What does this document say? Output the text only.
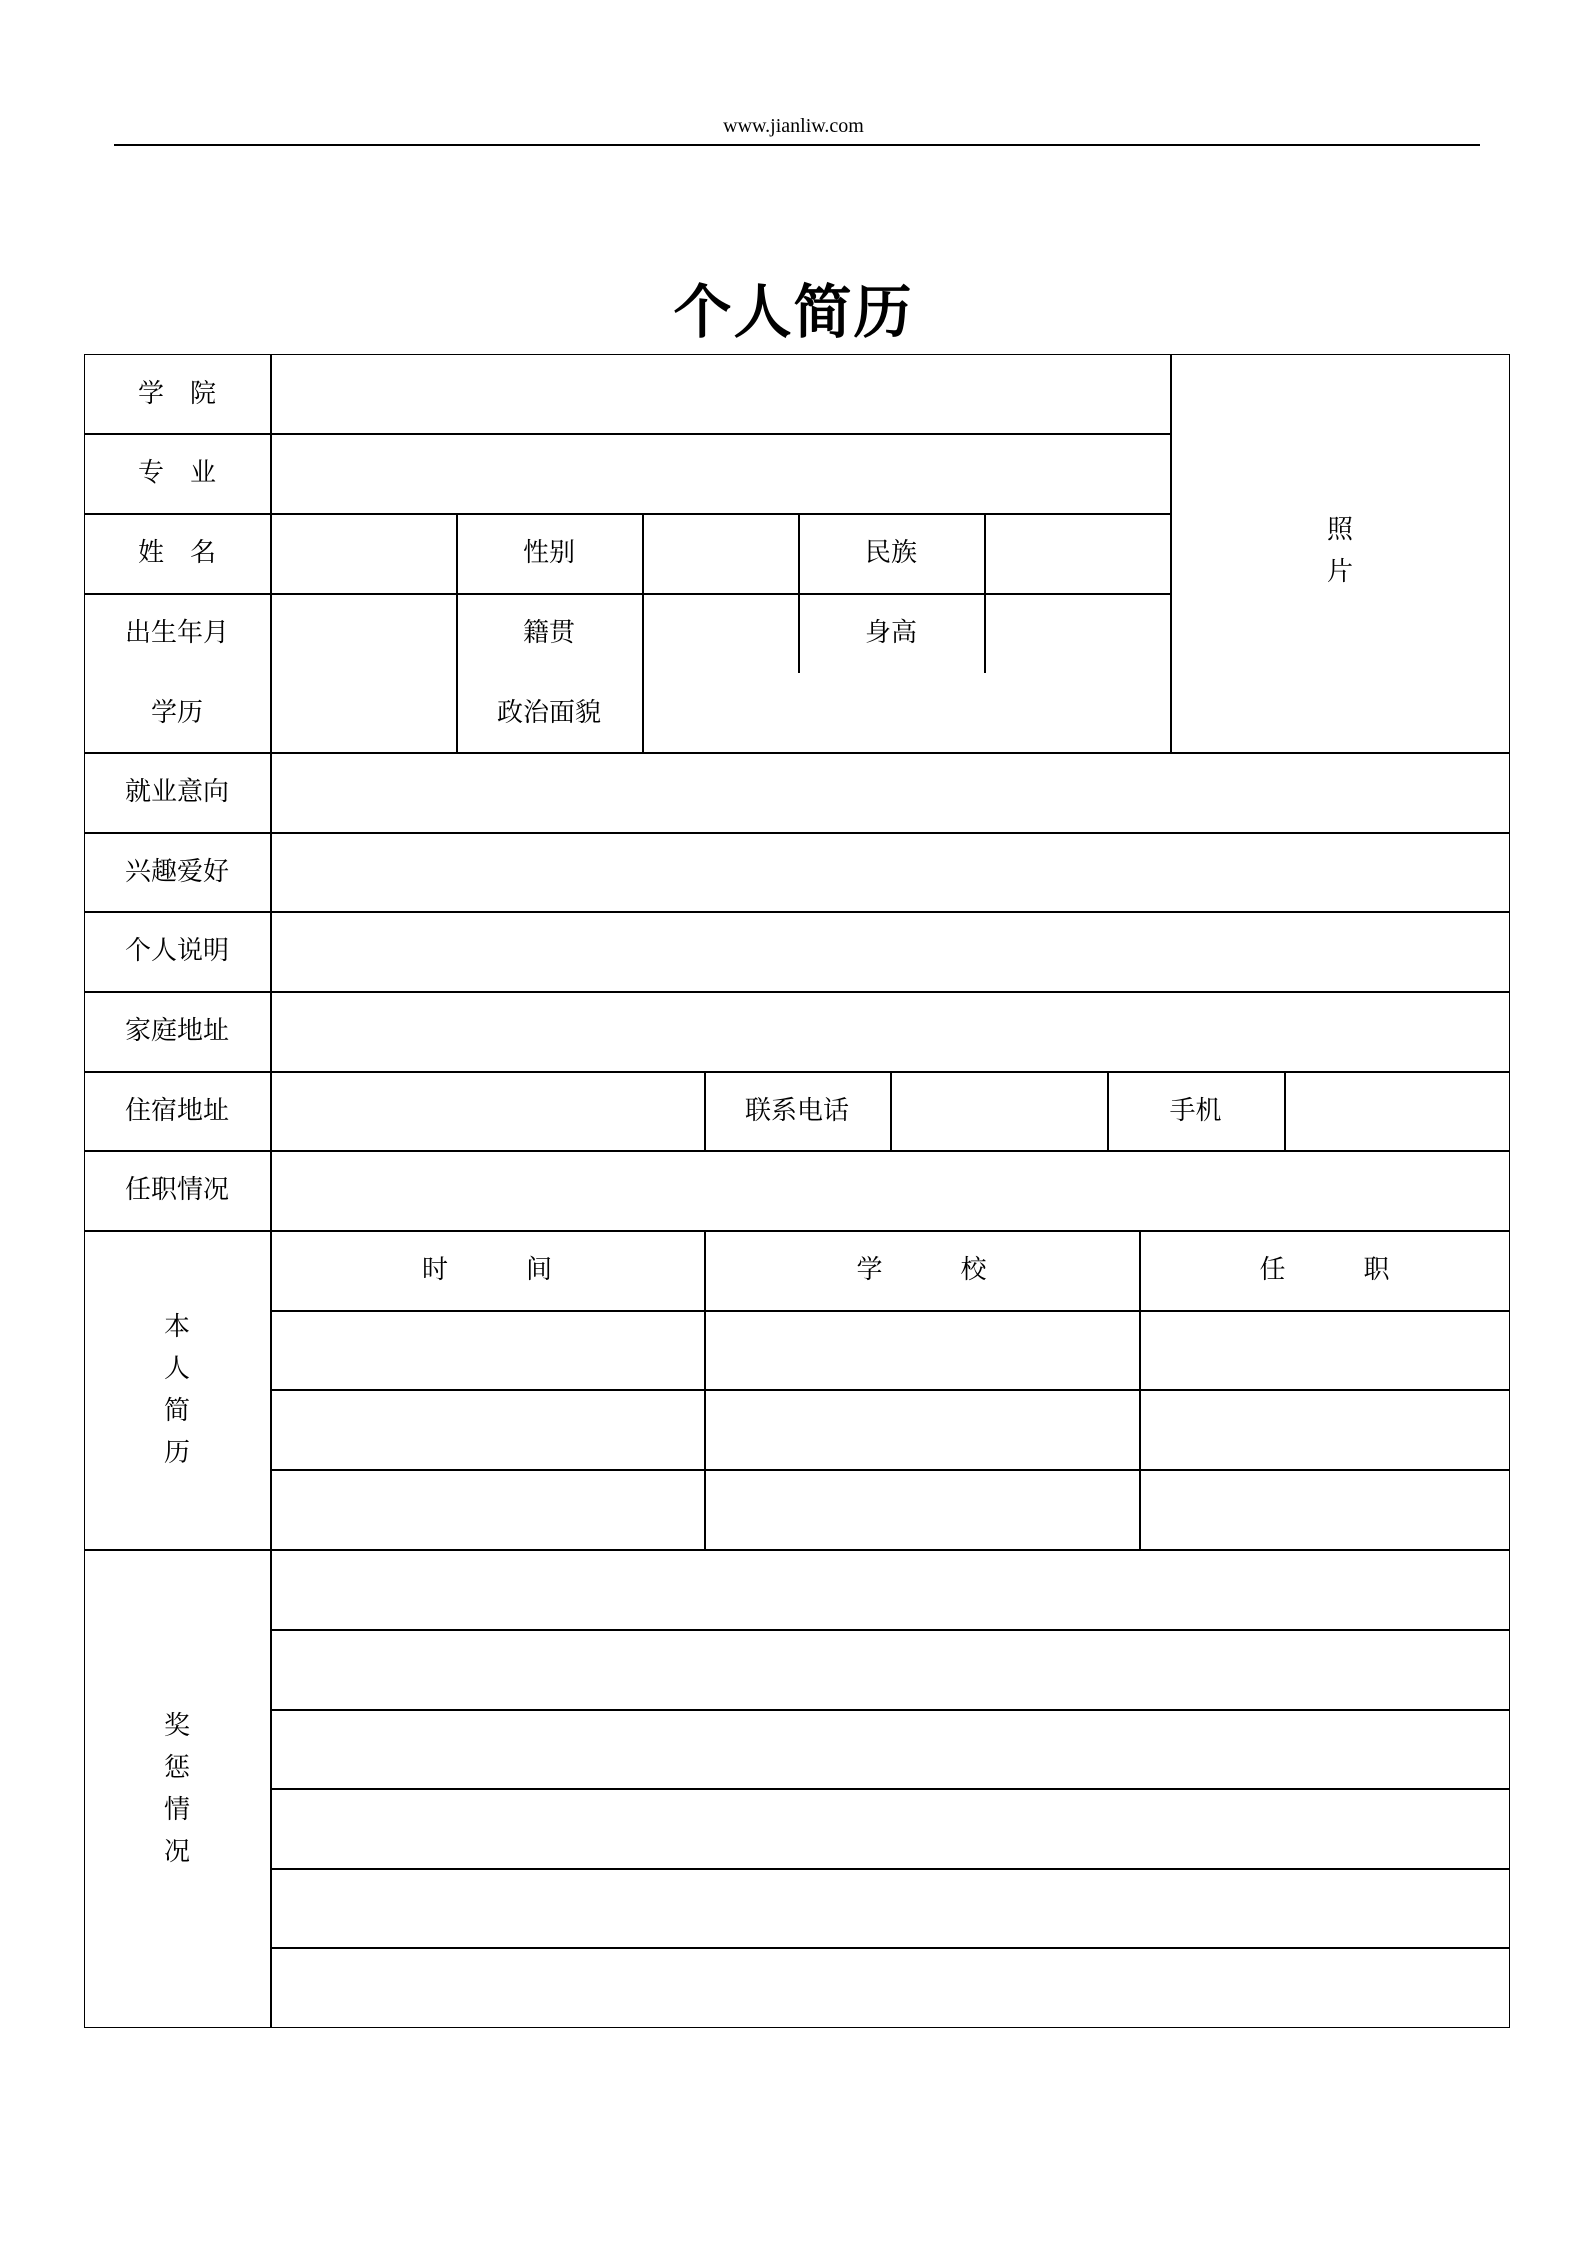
www.jianliw.com
个人简历
学　院
专　业
姓　名	性别	民族
出生年月	籍贯	身高
学历	政治面貌
照
片
就业意向
兴趣爱好
个人说明
家庭地址
住宿地址	联系电话	手机
任职情况
本
人
简
历
时　　　间	学　　　校	任　　　职
奖
惩
情
况
